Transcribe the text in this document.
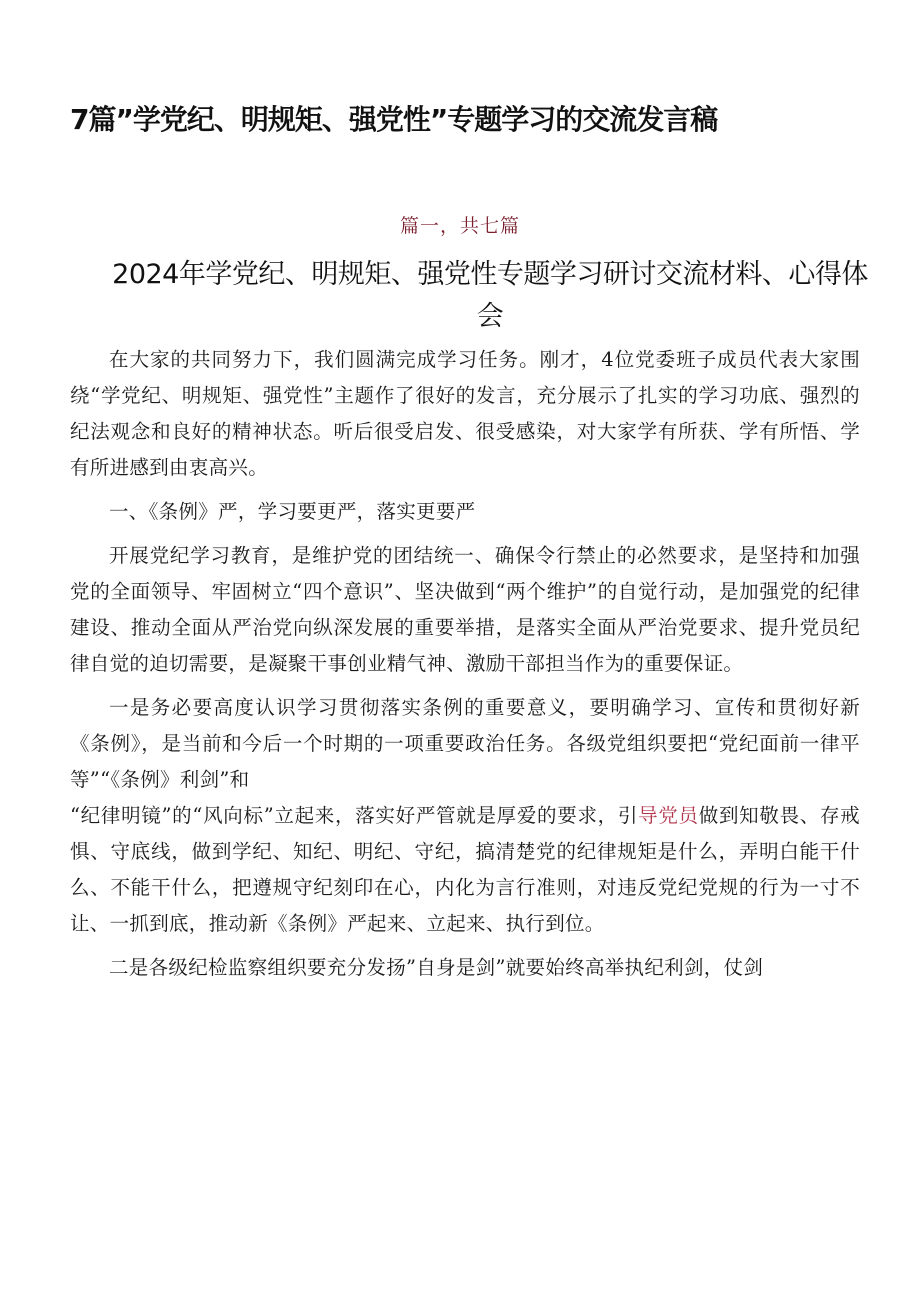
7篇”学党纪、明规矩、强党性”专题学习的交流发言稿
篇一，共七篇
2024年学党纪、明规矩、强党性专题学习研讨交流材料、心得体会

在大家的共同努力下，我们圆满完成学习任务。刚才，4位党委班子成员代表大家围绕“学党纪、明规矩、强党性”主题作了很好的发言，充分展示了扎实的学习功底、强烈的纪法观念和良好的精神状态。听后很受启发、很受感染，对大家学有所获、学有所悟、学有所进感到由衷高兴。

一、《条例》严，学习要更严，落实更要严

开展党纪学习教育，是维护党的团结统一、确保令行禁止的必然要求，是坚持和加强党的全面领导、牢固树立“四个意识”、坚决做到“两个维护”的自觉行动，是加强党的纪律建设、推动全面从严治党向纵深发展的重要举措，是落实全面从严治党要求、提升党员纪律自觉的迫切需要，是凝聚干事创业精气神、激励干部担当作为的重要保证。

一是务必要高度认识学习贯彻落实条例的重要意义，要明确学习、宣传和贯彻好新《条例》，是当前和今后一个时期的一项重要政治任务。各级党组织要把“党纪面前一律平等”“《条例》利剑”和

“纪律明镜”的“风向标”立起来，落实好严管就是厚爱的要求，引导党员做到知敬畏、存戒惧、守底线，做到学纪、知纪、明纪、守纪，搞清楚党的纪律规矩是什么，弄明白能干什么、不能干什么，把遵规守纪刻印在心，内化为言行准则，对违反党纪党规的行为一寸不让、一抓到底，推动新《条例》严起来、立起来、执行到位。

二是各级纪检监察组织要充分发扬”自身是剑”就要始终高举执纪利剑，仗剑
